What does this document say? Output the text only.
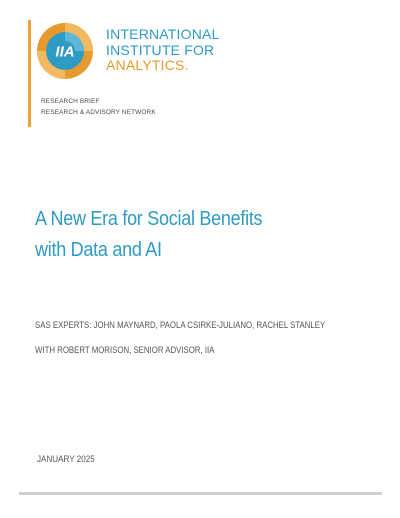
IIA
INTERNATIONAL
INSTITUTE FOR
ANALYTICS.
RESEARCH BRIEF
RESEARCH & ADVISORY NETWORK
A New Era for Social Benefits
with Data and AI
SAS EXPERTS: JOHN MAYNARD, PAOLA CSIRKE-JULIANO, RACHEL STANLEY
WITH ROBERT MORISON, SENIOR ADVISOR, IIA
JANUARY 2025
